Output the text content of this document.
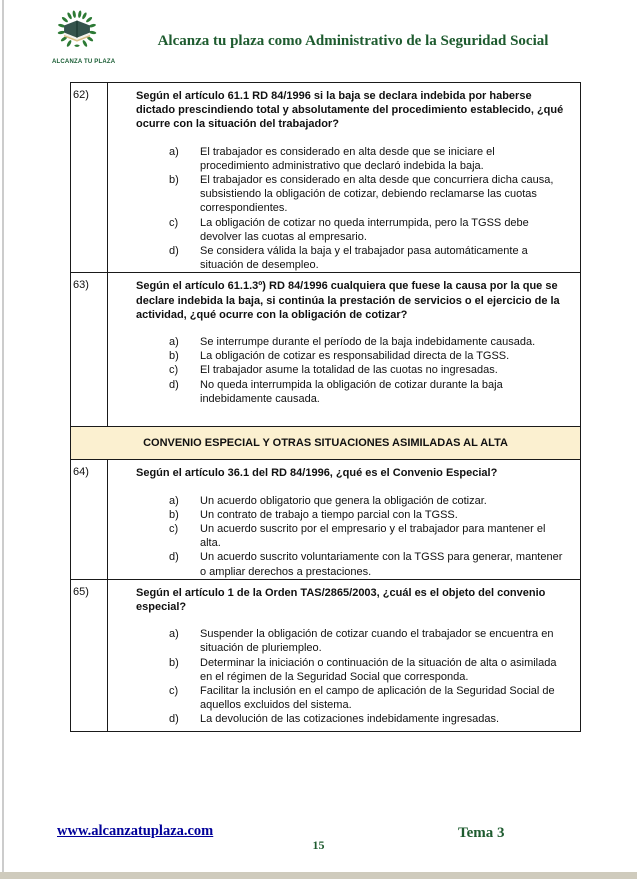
ALCANZA TU PLAZA
Alcanza tu plaza como Administrativo de la Seguridad Social
62)	Según el artículo 61.1 RD 84/1996 si la baja se declara indebida por haberse dictado prescindiendo total y absolutamente del procedimiento establecido, ¿qué ocurre con la situación del trabajador?
a)	El trabajador es considerado en alta desde que se iniciare el procedimiento administrativo que declaró indebida la baja.
b)	El trabajador es considerado en alta desde que concurriera dicha causa, subsistiendo la obligación de cotizar, debiendo reclamarse las cuotas correspondientes.
c)	La obligación de cotizar no queda interrumpida, pero la TGSS debe devolver las cuotas al empresario.
d)	Se considera válida la baja y el trabajador pasa automáticamente a situación de desempleo.

63)	Según el artículo 61.1.3º) RD 84/1996 cualquiera que fuese la causa por la que se declare indebida la baja, si continúa la prestación de servicios o el ejercicio de la actividad, ¿qué ocurre con la obligación de cotizar?
a)	Se interrumpe durante el período de la baja indebidamente causada.
b)	La obligación de cotizar es responsabilidad directa de la TGSS.
c)	El trabajador asume la totalidad de las cuotas no ingresadas.
d)	No queda interrumpida la obligación de cotizar durante la baja indebidamente causada.

CONVENIO ESPECIAL Y OTRAS SITUACIONES ASIMILADAS AL ALTA	
64)	Según el artículo 36.1 del RD 84/1996, ¿qué es el Convenio Especial?
a)	Un acuerdo obligatorio que genera la obligación de cotizar.
b)	Un contrato de trabajo a tiempo parcial con la TGSS.
c)	Un acuerdo suscrito por el empresario y el trabajador para mantener el alta.
d)	Un acuerdo suscrito voluntariamente con la TGSS para generar, mantener o ampliar derechos a prestaciones.

65)	Según el artículo 1 de la Orden TAS/2865/2003, ¿cuál es el objeto del convenio especial?
a)	Suspender la obligación de cotizar cuando el trabajador se encuentra en situación de pluriempleo.
b)	Determinar la iniciación o continuación de la situación de alta o asimilada en el régimen de la Seguridad Social que corresponda.
c)	Facilitar la inclusión en el campo de aplicación de la Seguridad Social de aquellos excluidos del sistema.
d)	La devolución de las cotizaciones indebidamente ingresadas.
www.alcanzatuplaza.com	Tema 3
15
